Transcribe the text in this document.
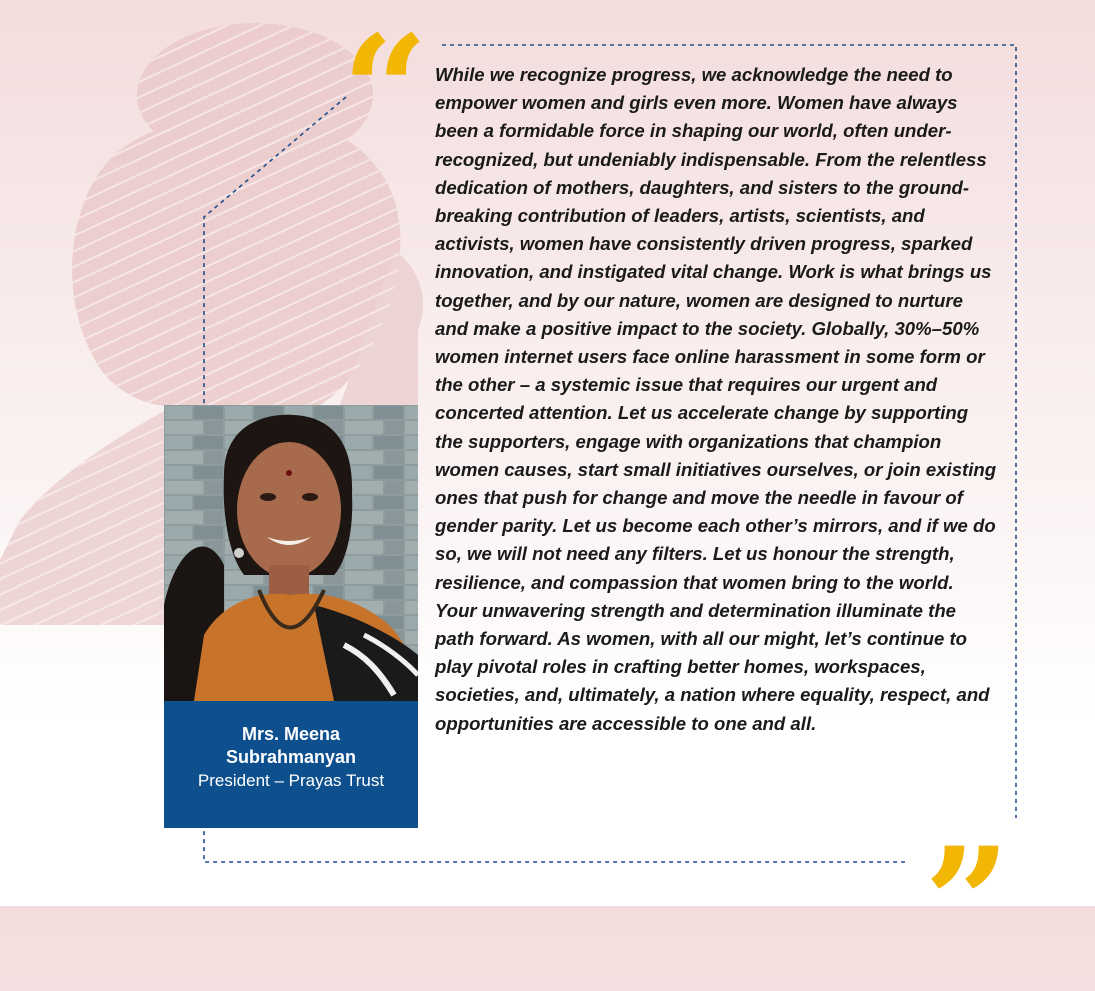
“ While we recognize progress, we acknowledge the need to empower women and girls even more. Women have always been a formidable force in shaping our world, often under-recognized, but undeniably indispensable. From the relentless dedication of mothers, daughters, and sisters to the ground-breaking contribution of leaders, artists, scientists, and activists, women have consistently driven progress, sparked innovation, and instigated vital change. Work is what brings us together, and by our nature, women are designed to nurture and make a positive impact to the society. Globally, 30%–50% women internet users face online harassment in some form or the other – a systemic issue that requires our urgent and concerted attention. Let us accelerate change by supporting the supporters, engage with organizations that champion women causes, start small initiatives ourselves, or join existing ones that push for change and move the needle in favour of gender parity. Let us become each other’s mirrors, and if we do so, we will not need any filters. Let us honour the strength, resilience, and compassion that women bring to the world. Your unwavering strength and determination illuminate the path forward. As women, with all our might, let’s continue to play pivotal roles in crafting better homes, workspaces, societies, and, ultimately, a nation where equality, respect, and opportunities are accessible to one and all.

”
Mrs. Meena Subrahmanyan
President – Prayas Trust
